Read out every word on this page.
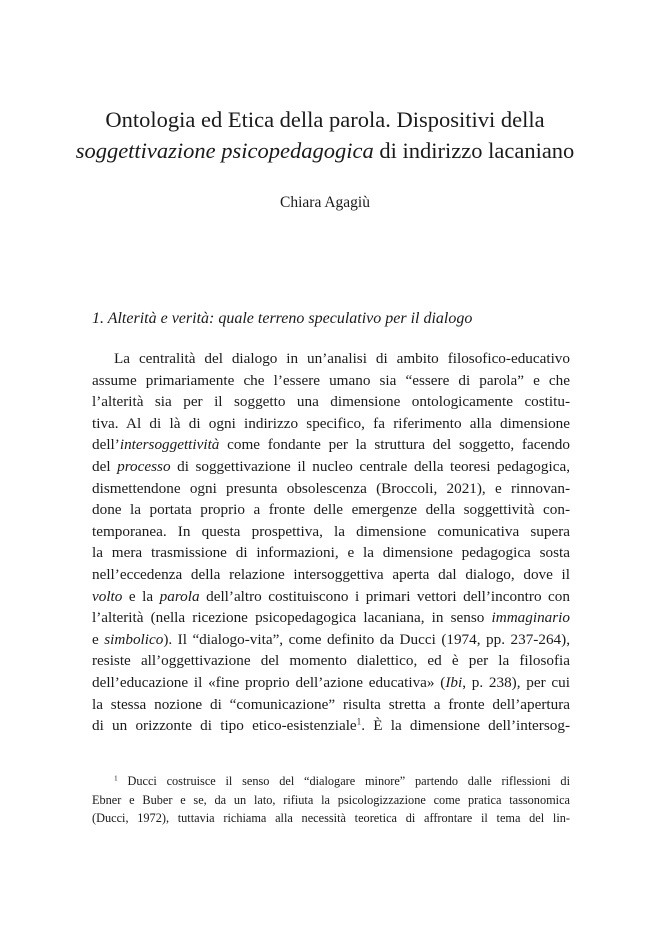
Ontologia ed Etica della parola. Dispositivi della
soggettivazione psicopedagogica di indirizzo lacaniano
Chiara Agagiù
1. Alterità e verità: quale terreno speculativo per il dialogo
La centralità del dialogo in un’analisi di ambito filosofico-educativo
assume primariamente che l’essere umano sia “essere di parola” e che
l’alterità sia per il soggetto una dimensione ontologicamente costitu-
tiva. Al di là di ogni indirizzo specifico, fa riferimento alla dimensione
dell’intersoggettività come fondante per la struttura del soggetto, facendo
del processo di soggettivazione il nucleo centrale della teoresi pedagogica,
dismettendone ogni presunta obsolescenza (Broccoli, 2021), e rinnovan-
done la portata proprio a fronte delle emergenze della soggettività con-
temporanea. In questa prospettiva, la dimensione comunicativa supera
la mera trasmissione di informazioni, e la dimensione pedagogica sosta
nell’eccedenza della relazione intersoggettiva aperta dal dialogo, dove il
volto e la parola dell’altro costituiscono i primari vettori dell’incontro con
l’alterità (nella ricezione psicopedagogica lacaniana, in senso immaginario
e simbolico). Il “dialogo-vita”, come definito da Ducci (1974, pp. 237-264),
resiste all’oggettivazione del momento dialettico, ed è per la filosofia
dell’educazione il «fine proprio dell’azione educativa» (Ibi, p. 238), per cui
la stessa nozione di “comunicazione” risulta stretta a fronte dell’apertura
di un orizzonte di tipo etico-esistenziale$^1$. È la dimensione dell’intersog-
$^1$ Ducci costruisce il senso del “dialogare minore” partendo dalle riflessioni di
Ebner e Buber e se, da un lato, rifiuta la psicologizzazione come pratica tassonomica
(Ducci, 1972), tuttavia richiama alla necessità teoretica di affrontare il tema del lin-
